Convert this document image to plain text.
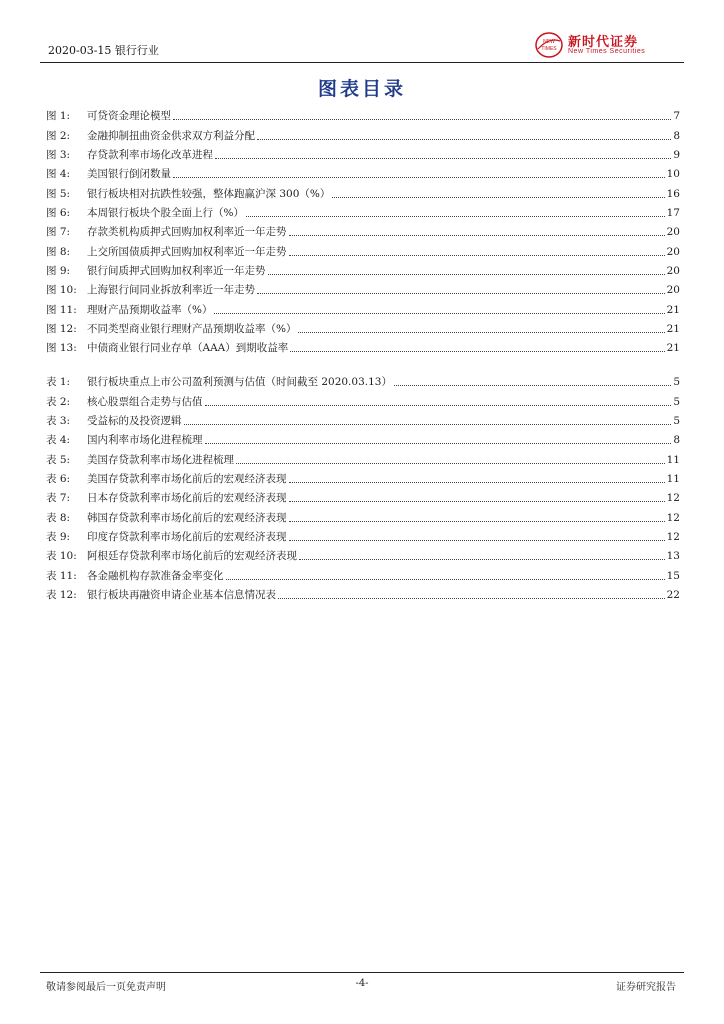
2020-03-15 银行行业
NEW
TIMES 新时代证券
New Times Securities
图表目录
图 1:	可贷资金理论模型	7
图 2:	金融抑制扭曲资金供求双方利益分配	8
图 3:	存贷款利率市场化改革进程	9
图 4:	美国银行倒闭数量	10
图 5:	银行板块相对抗跌性较强，整体跑赢沪深 300（%）	16
图 6:	本周银行板块个股全面上行（%）	17
图 7:	存款类机构质押式回购加权利率近一年走势	20
图 8:	上交所国债质押式回购加权利率近一年走势	20
图 9:	银行间质押式回购加权利率近一年走势	20
图 10: 上海银行间同业拆放利率近一年走势	20
图 11: 理财产品预期收益率（%）	21
图 12: 不同类型商业银行理财产品预期收益率（%）	21
图 13: 中债商业银行同业存单（AAA）到期收益率	21
表 1:	银行板块重点上市公司盈利预测与估值（时间截至 2020.03.13）	5
表 2:	核心股票组合走势与估值	5
表 3:	受益标的及投资逻辑	5
表 4:	国内利率市场化进程梳理	8
表 5:	美国存贷款利率市场化进程梳理	11
表 6:	美国存贷款利率市场化前后的宏观经济表现	11
表 7:	日本存贷款利率市场化前后的宏观经济表现	12
表 8:	韩国存贷款利率市场化前后的宏观经济表现	12
表 9:	印度存贷款利率市场化前后的宏观经济表现	12
表 10: 阿根廷存贷款利率市场化前后的宏观经济表现	13
表 11: 各金融机构存款准备金率变化	15
表 12: 银行板块再融资申请企业基本信息情况表	22
敬请参阅最后一页免责声明	-4-	证券研究报告
